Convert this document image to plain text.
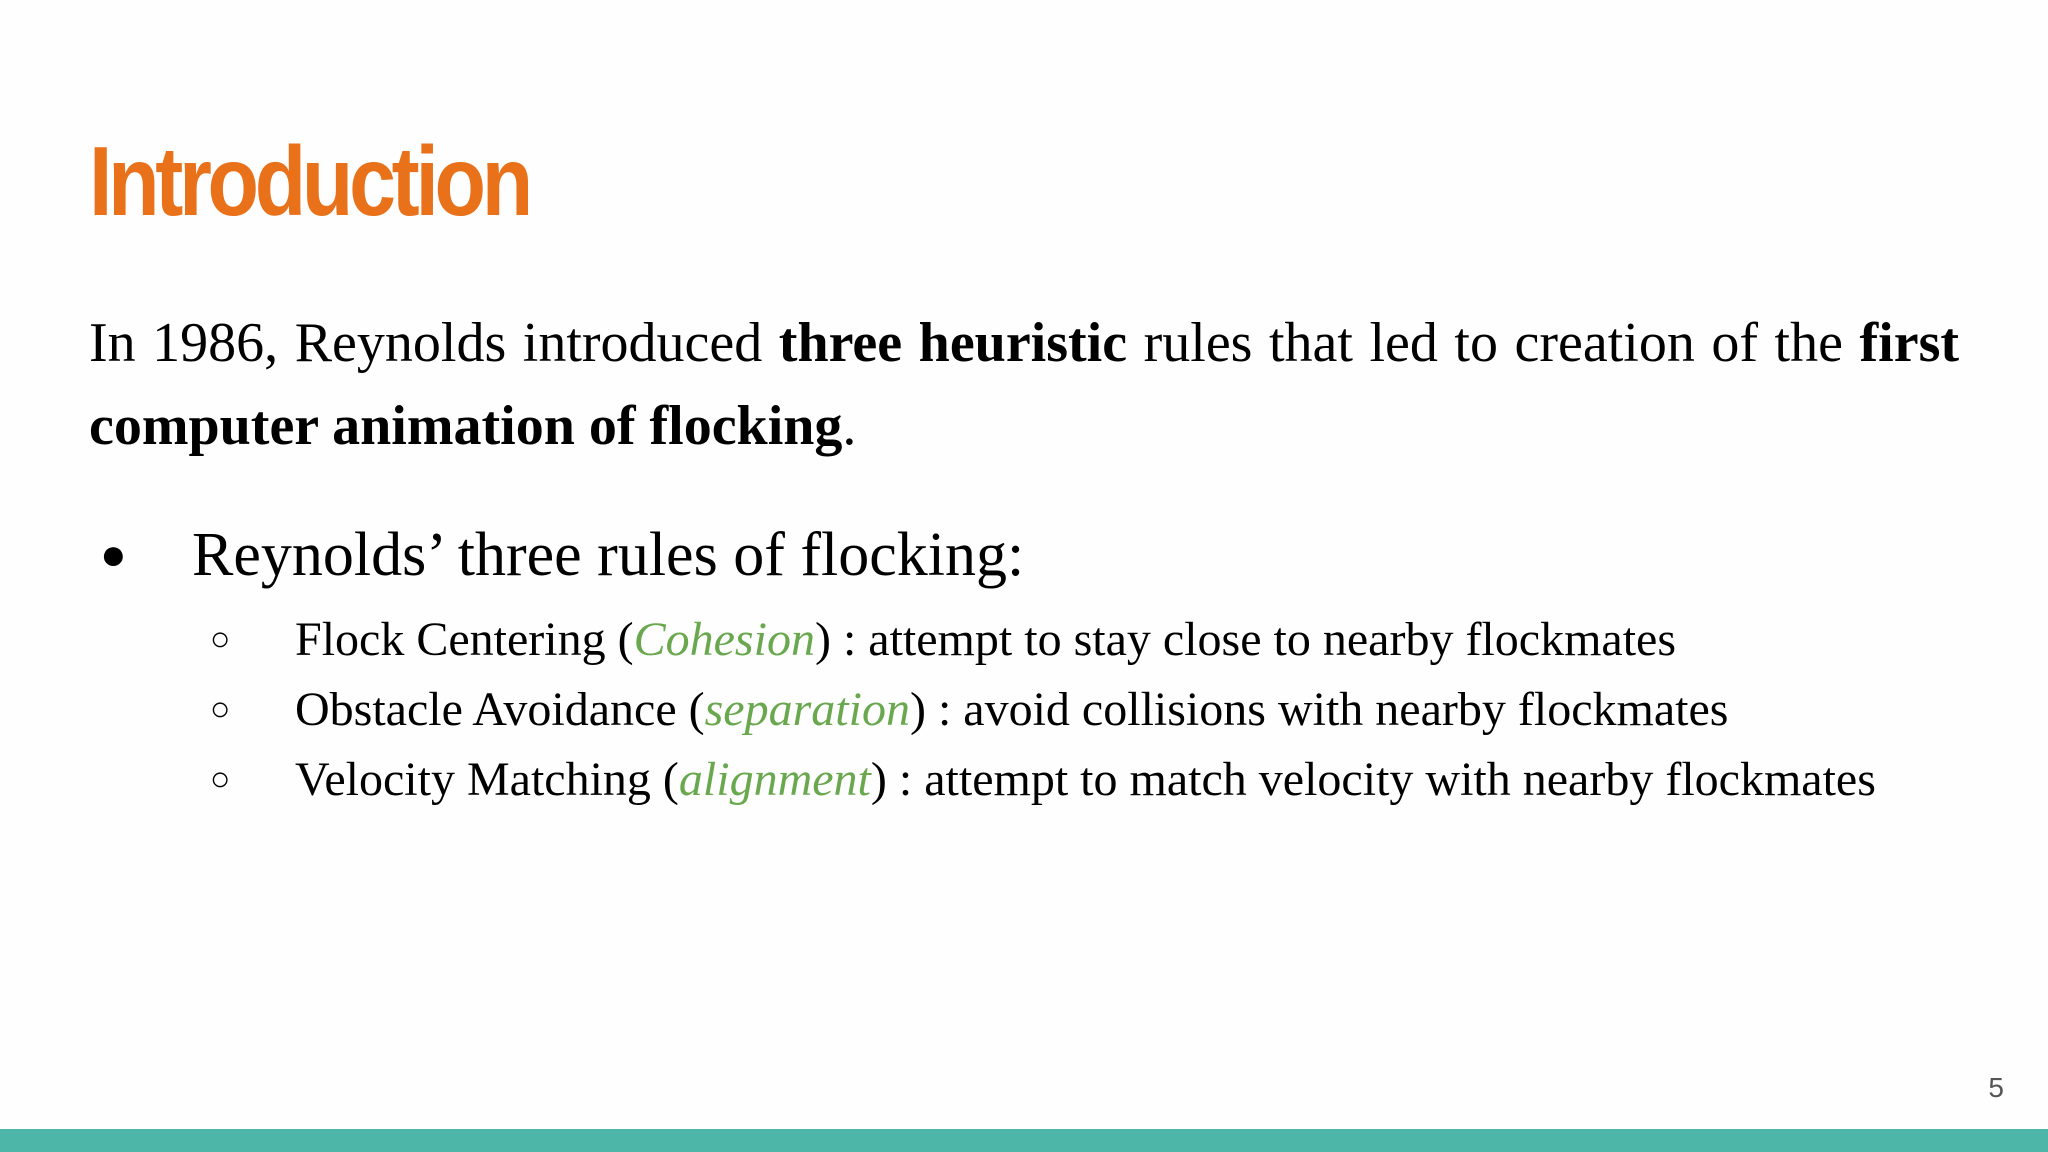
Introduction

In 1986, Reynolds introduced three heuristic rules that led to creation of the first computer animation of flocking.

● Reynolds’ three rules of flocking:
○ Flock Centering (Cohesion) : attempt to stay close to nearby flockmates
○ Obstacle Avoidance (separation) : avoid collisions with nearby flockmates
○ Velocity Matching (alignment) : attempt to match velocity with nearby flockmates
5
